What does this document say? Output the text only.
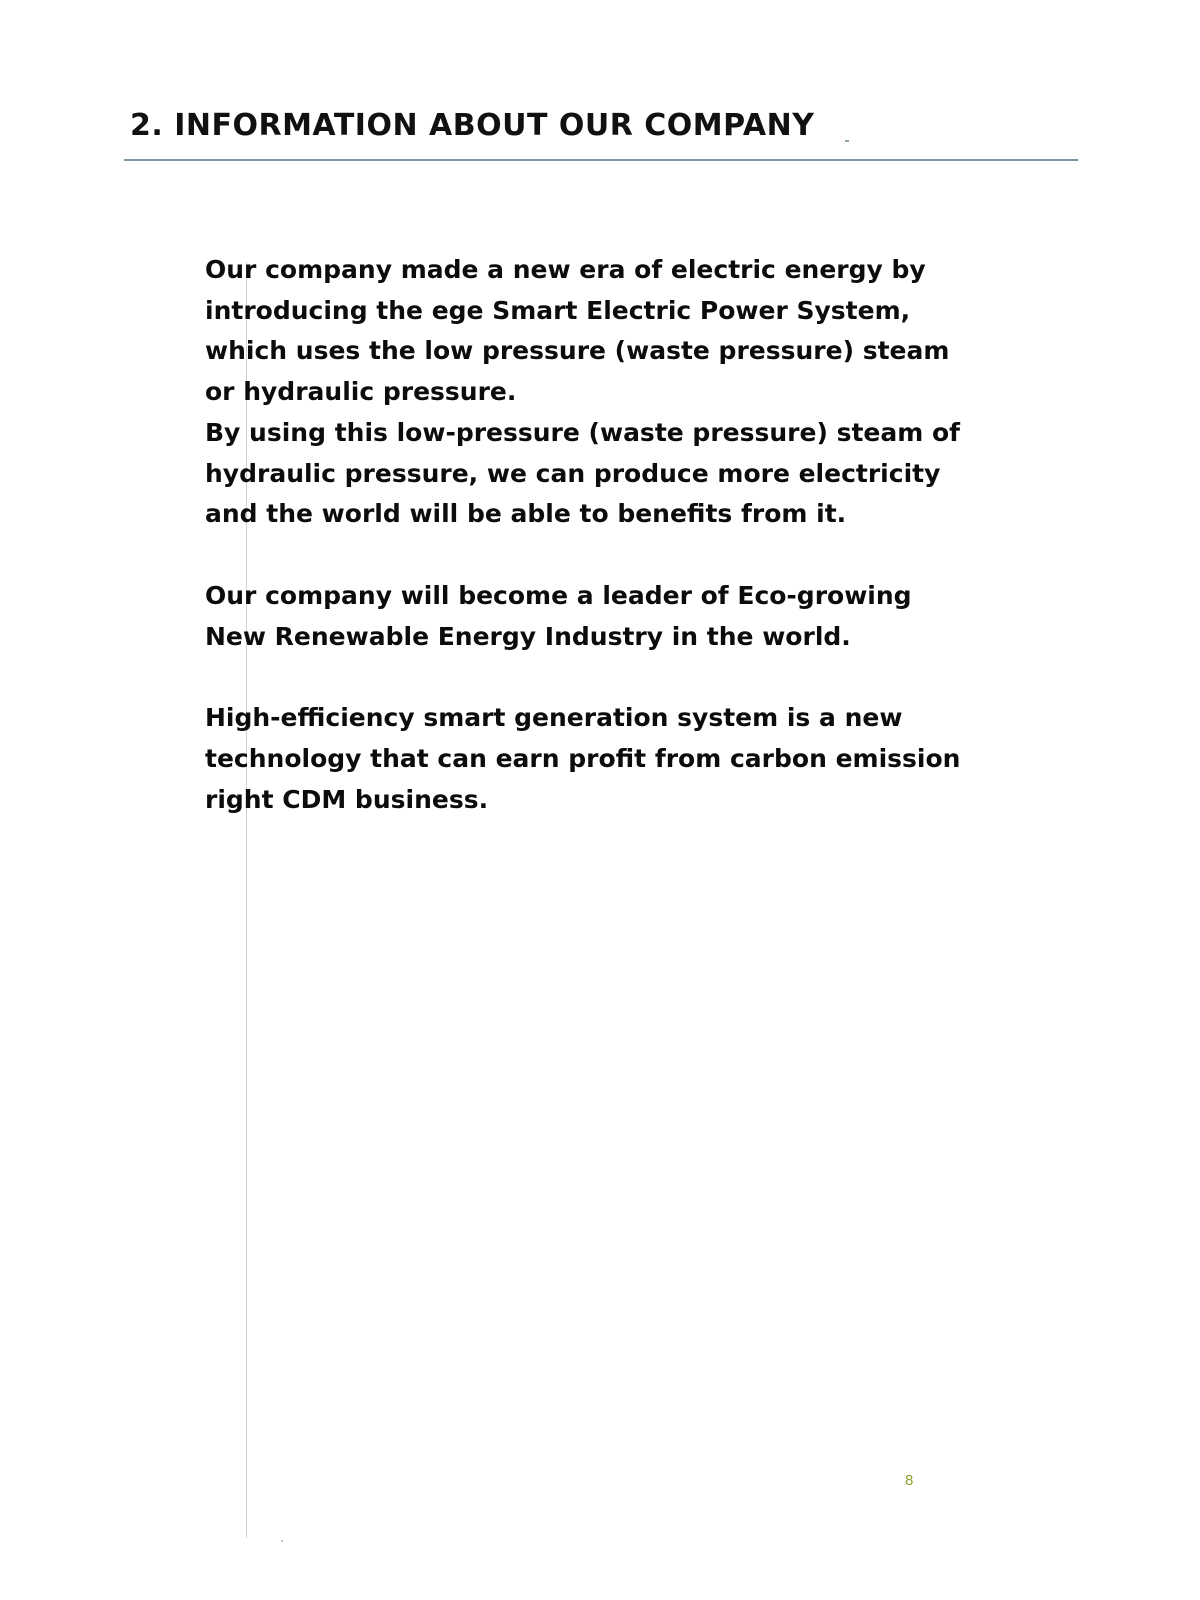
2. INFORMATION ABOUT OUR COMPANY

Our company made a new era of electric energy by
introducing the ege Smart Electric Power System,
which uses the low pressure (waste pressure) steam
or hydraulic pressure.
By using this low-pressure (waste pressure) steam of
hydraulic pressure, we can produce more electricity
and the world will be able to benefits from it.

Our company will become a leader of Eco-growing
New Renewable Energy Industry in the world.

High-efficiency smart generation system is a new
technology that can earn profit from carbon emission
right CDM business.

8
